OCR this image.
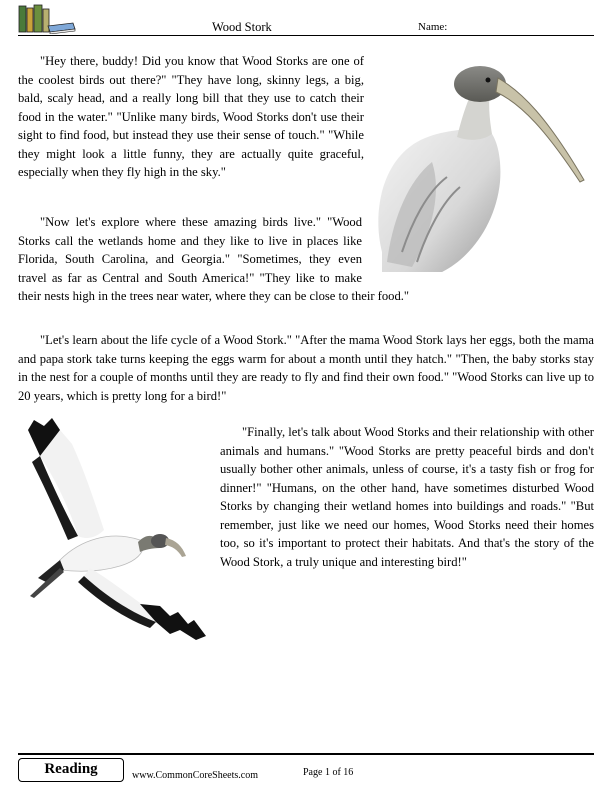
Wood Stork	Name:

"Hey there, buddy! Did you know that Wood Storks are one of the coolest birds out there?" "They have long, skinny legs, a big, bald, scaly head, and a really long bill that they use to catch their food in the water." "Unlike many birds, Wood Storks don't use their sight to find food, but instead they use their sense of touch." "While they might look a little funny, they are actually quite graceful, especially when they fly high in the sky."

"Now let's explore where these amazing birds live." "Wood Storks call the wetlands home and they like to live in places like Florida, South Carolina, and Georgia." "Sometimes, they even travel as far as Central and South America!" "They like to make their nests high in the trees near water, where they can be close to their food."

"Let's learn about the life cycle of a Wood Stork." "After the mama Wood Stork lays her eggs, both the mama and papa stork take turns keeping the eggs warm for about a month until they hatch." "Then, the baby storks stay in the nest for a couple of months until they are ready to fly and find their own food." "Wood Storks can live up to 20 years, which is pretty long for a bird!"

"Finally, let's talk about Wood Storks and their relationship with other animals and humans." "Wood Storks are pretty peaceful birds and don't usually bother other animals, unless of course, it's a tasty fish or frog for dinner!" "Humans, on the other hand, have sometimes disturbed Wood Storks by changing their wetland homes into buildings and roads." "But remember, just like we need our homes, Wood Storks need their homes too, so it's important to protect their habitats. And that's the story of the Wood Stork, a truly unique and interesting bird!"

Reading	www.CommonCoreSheets.com	Page 1 of 16
